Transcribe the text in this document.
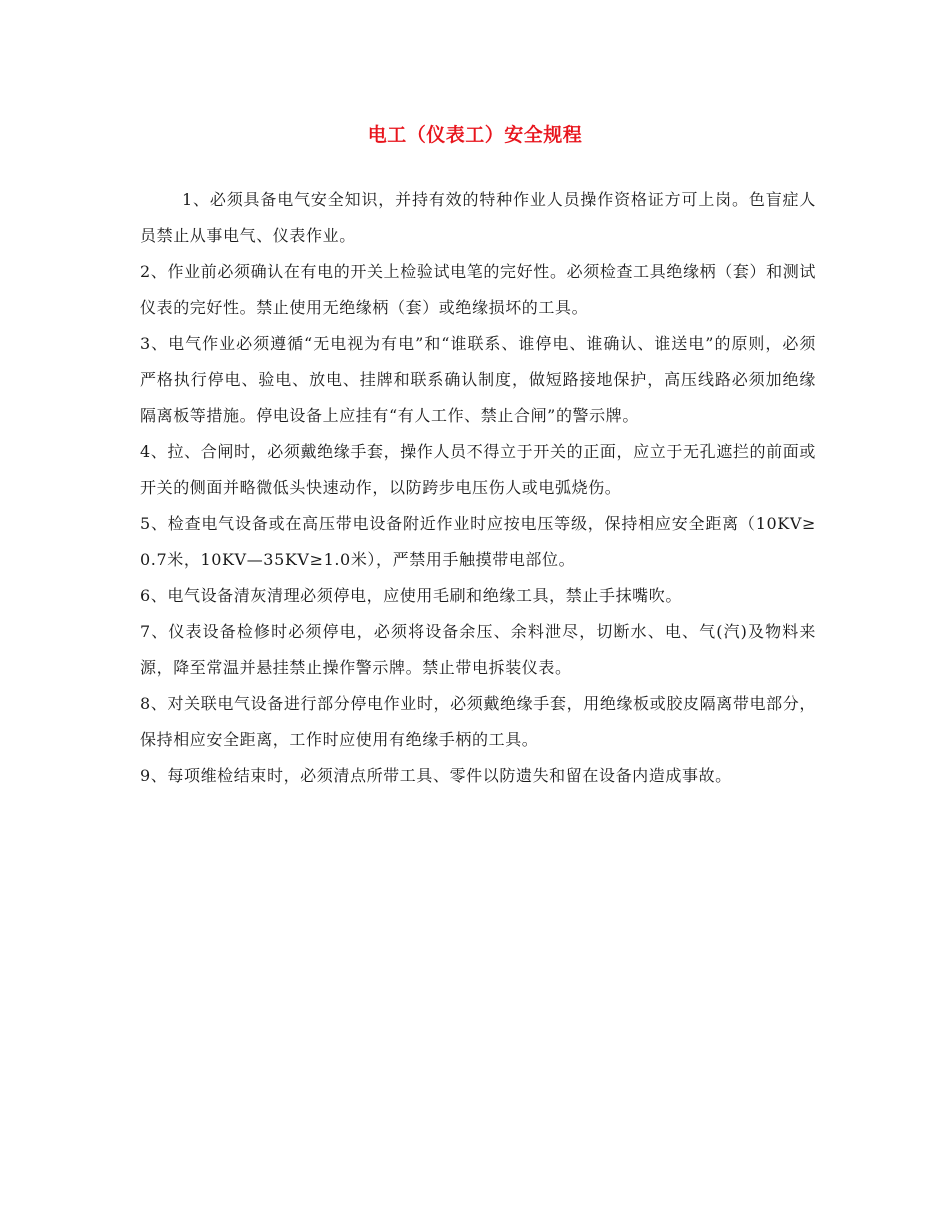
电工（仪表工）安全规程

1、必须具备电气安全知识，并持有效的特种作业人员操作资格证方可上岗。色盲症人员禁止从事电气、仪表作业。

2、作业前必须确认在有电的开关上检验试电笔的完好性。必须检查工具绝缘柄（套）和测试仪表的完好性。禁止使用无绝缘柄（套）或绝缘损坏的工具。

3、电气作业必须遵循“无电视为有电”和“谁联系、谁停电、谁确认、谁送电”的原则，必须严格执行停电、验电、放电、挂牌和联系确认制度，做短路接地保护，高压线路必须加绝缘隔离板等措施。停电设备上应挂有“有人工作、禁止合闸”的警示牌。

4、拉、合闸时，必须戴绝缘手套，操作人员不得立于开关的正面，应立于无孔遮拦的前面或开关的侧面并略微低头快速动作，以防跨步电压伤人或电弧烧伤。

5、检查电气设备或在高压带电设备附近作业时应按电压等级，保持相应安全距离（10KV≥ 0.7米，10KV—35KV≥1.0米），严禁用手触摸带电部位。

6、电气设备清灰清理必须停电，应使用毛刷和绝缘工具，禁止手抹嘴吹。

7、仪表设备检修时必须停电，必须将设备余压、余料泄尽，切断水、电、气(汽)及物料来源，降至常温并悬挂禁止操作警示牌。禁止带电拆装仪表。

8、对关联电气设备进行部分停电作业时，必须戴绝缘手套，用绝缘板或胶皮隔离带电部分，保持相应安全距离，工作时应使用有绝缘手柄的工具。

9、每项维检结束时，必须清点所带工具、零件以防遗失和留在设备内造成事故。
